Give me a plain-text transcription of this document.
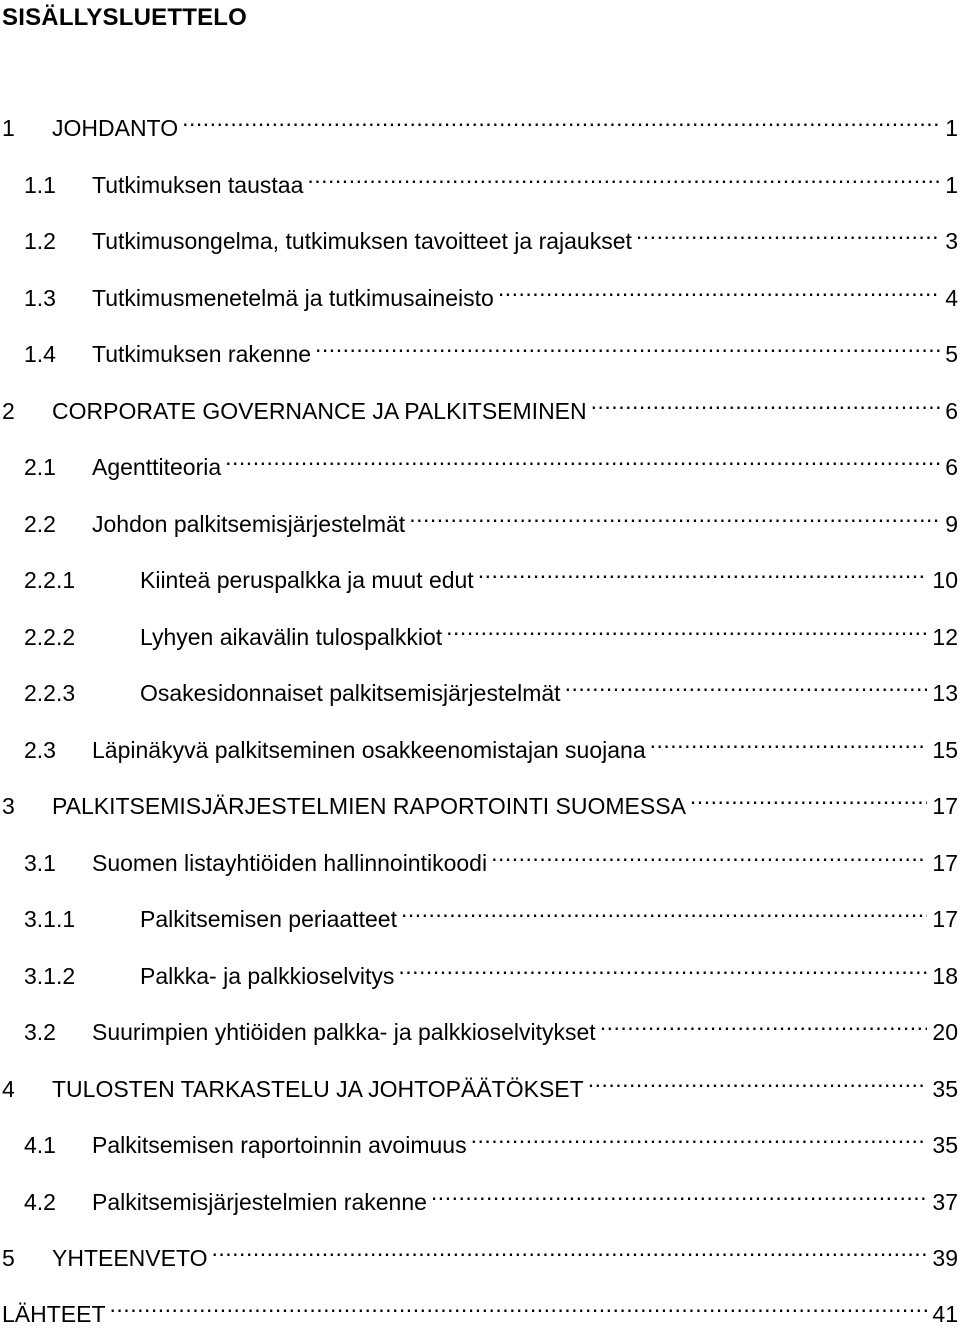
SISÄLLYSLUETTELO
1	JOHDANTO .....	1
1.1	Tutkimuksen taustaa .....	1
1.2	Tutkimusongelma, tutkimuksen tavoitteet ja rajaukset .....	3
1.3	Tutkimusmenetelmä ja tutkimusaineisto .....	4
1.4	Tutkimuksen rakenne .....	5
2	CORPORATE GOVERNANCE JA PALKITSEMINEN .....	6
2.1	Agenttiteoria .....	6
2.2	Johdon palkitsemisjärjestelmät .....	9
2.2.1	Kiinteä peruspalkka ja muut edut .....	10
2.2.2	Lyhyen aikavälin tulospalkkiot .....	12
2.2.3	Osakesidonnaiset palkitsemisjärjestelmät .....	13
2.3	Läpinäkyvä palkitseminen osakkeenomistajan suojana .....	15
3	PALKITSEMISJÄRJESTELMIEN RAPORTOINTI SUOMESSA .....	17
3.1	Suomen listayhtiöiden hallinnointikoodi .....	17
3.1.1	Palkitsemisen periaatteet .....	17
3.1.2	Palkka- ja palkkioselvitys .....	18
3.2	Suurimpien yhtiöiden palkka- ja palkkioselvitykset .....	20
4	TULOSTEN TARKASTELU JA JOHTOPÄÄTÖKSET .....	35
4.1	Palkitsemisen raportoinnin avoimuus .....	35
4.2	Palkitsemisjärjestelmien rakenne .....	37
5	YHTEENVETO .....	39
LÄHTEET .....	41
